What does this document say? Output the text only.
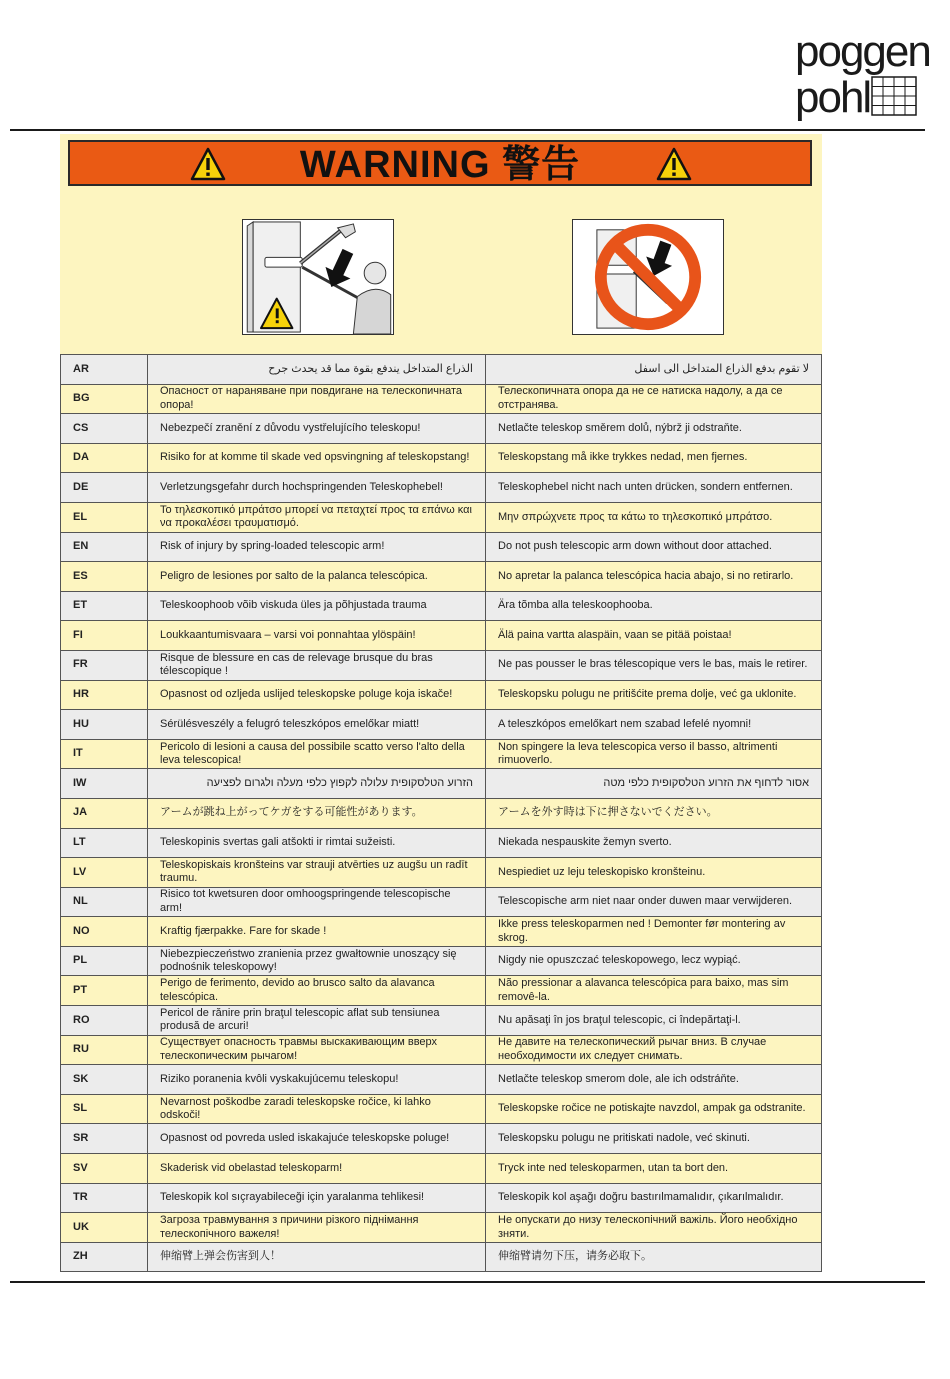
poggen
pohl
WARNING 警告
AR	الذراع المتداخل يندفع بقوة مما قد يحدث جرح	لا تقوم بدفع الذراع المتداخل الى اسفل
BG	Опасност от нараняване при повдигане на телескопичната опора!	Телескопичната опора да не се натиска надолу, а да се отстранява.
CS	Nebezpečí zranění z důvodu vystřelujícího teleskopu!	Netlačte teleskop směrem dolů, nýbrž ji odstraňte.
DA	Risiko for at komme til skade ved opsvingning af teleskopstang!	Teleskopstang må ikke trykkes nedad, men fjernes.
DE	Verletzungsgefahr durch hochspringenden Teleskophebel!	Teleskophebel nicht nach unten drücken, sondern entfernen.
EL	Το τηλεσκοπικό μπράτσο μπορεί να πεταχτεί προς τα επάνω και να προκαλέσει τραυματισμό.	Μην σπρώχνετε προς τα κάτω το τηλεσκοπικό μπράτσο.
EN	Risk of injury by spring-loaded telescopic arm!	Do not push telescopic arm down without door attached.
ES	Peligro de lesiones por salto de la palanca telescópica.	No apretar la palanca telescópica hacia abajo, si no retirarlo.
ET	Teleskoophoob võib viskuda üles ja põhjustada trauma	Ära tõmba alla teleskoophooba.
FI	Loukkaantumisvaara – varsi voi ponnahtaa ylöspäin!	Älä paina vartta alaspäin, vaan se pitää poistaa!
FR	Risque de blessure en cas de relevage brusque du bras télescopique !	Ne pas pousser le bras télescopique vers le bas, mais le retirer.
HR	Opasnost od ozljeda uslijed teleskopske poluge koja iskače!	Teleskopsku polugu ne pritišćite prema dolje, već ga uklonite.
HU	Sérülésveszély a felugró teleszkópos emelőkar miatt!	A teleszkópos emelőkart nem szabad lefelé nyomni!
IT	Pericolo di lesioni a causa del possibile scatto verso l'alto della leva telescopica!	Non spingere la leva telescopica verso il basso, altrimenti rimuoverlo.
IW	הזרוע הטלסקופית עלולה לקפוץ כלפי מעלה ולגרום לפציעה	אסור לדחוף את הזרוע הטלסקופית כלפי מטה
JA	アームが跳ね上がってケガをする可能性があります。	アームを外す時は下に押さないでください。
LT	Teleskopinis svertas gali atšokti ir rimtai sužeisti.	Niekada nespauskite žemyn sverto.
LV	Teleskopiskais kronšteins var strauji atvērties uz augšu un radīt traumu.	Nespiediet uz leju teleskopisko kronšteinu.
NL	Risico tot kwetsuren door omhoogspringende telescopische arm!	Telescopische arm niet naar onder duwen maar verwijderen.
NO	Kraftig fjærpakke. Fare for skade !	Ikke press teleskoparmen ned ! Demonter før montering av skrog.
PL	Niebezpieczeństwo zranienia przez gwałtownie unoszący się podnośnik teleskopowy!	Nigdy nie opuszczać teleskopowego, lecz wypiąć.
PT	Perigo de ferimento, devido ao brusco salto da alavanca telescópica.	Não pressionar a alavanca telescópica para baixo, mas sim removê-la.
RO	Pericol de rănire prin braţul telescopic aflat sub tensiunea produsă de arcuri!	Nu apăsaţi în jos braţul telescopic, ci îndepărtaţi-l.
RU	Существует опасность травмы выскакивающим вверх телескопическим рычагом!	Не давите на телескопический рычаг вниз. В случае необходимости их следует снимать.
SK	Riziko poranenia kvôli vyskakujúcemu teleskopu!	Netlačte teleskop smerom dole, ale ich odstráňte.
SL	Nevarnost poškodbe zaradi teleskopske ročice, ki lahko odskoči!	Teleskopske ročice ne potiskajte navzdol, ampak ga odstranite.
SR	Opasnost od povreda usled iskakajuće teleskopske poluge!	Teleskopsku polugu ne pritiskati nadole, već skinuti.
SV	Skaderisk vid obelastad teleskoparm!	Tryck inte ned teleskoparmen, utan ta bort den.
TR	Teleskopik kol sıçrayabileceği için yaralanma tehlikesi!	Teleskopik kol aşağı doğru bastırılmamalıdır, çıkarılmalıdır.
UK	Загроза травмування з причини різкого піднімання телескопічного важеля!	Не опускати до низу телескопічний важіль. Його необхідно зняти.
ZH	伸缩臂上弹会伤害到人！	伸缩臂请勿下压，请务必取下。
